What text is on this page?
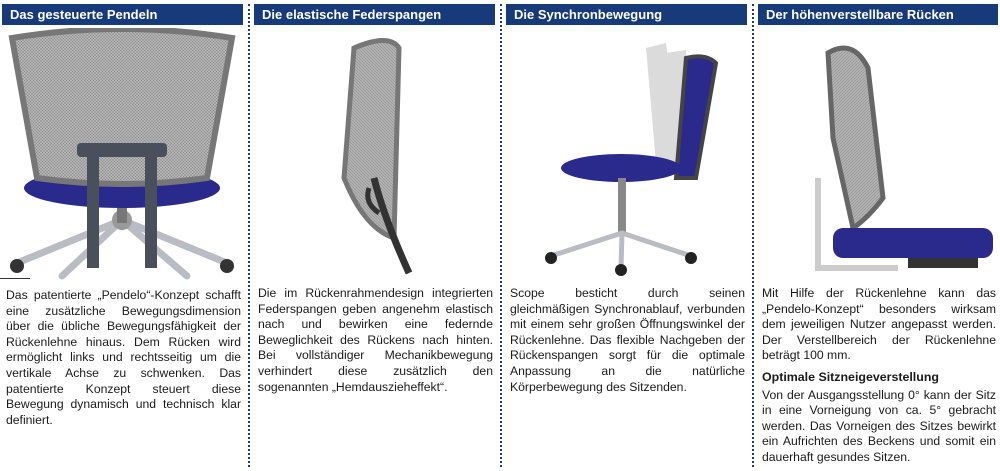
Das gesteuerte Pendeln
Das patentierte „Pendelo“-Konzept schafft eine zusätzliche Bewegungsdimension über die übliche Bewegungsfähigkeit der Rückenlehne hinaus. Dem Rücken wird ermöglicht links und rechtsseitig um die vertikale Achse zu schwenken. Das patentierte Konzept steuert diese Bewegung dynamisch und technisch klar definiert.
Die elastische Federspangen
Die im Rückenrahmendesign integrierten Federspangen geben angenehm elastisch nach und bewirken eine federnde Beweglichkeit des Rückens nach hinten. Bei vollständiger Mechanikbewegung verhindert diese zusätzlich den sogenannten „Hemdauszieheffekt“.
Die Synchronbewegung
Scope besticht durch seinen gleichmäßigen Synchronablauf, verbunden mit einem sehr großen Öffnungswinkel der Rückenlehne. Das flexible Nachgeben der Rückenspangen sorgt für die optimale Anpassung an die natürliche Körperbewegung des Sitzenden.
Der höhenverstellbare Rücken
Mit Hilfe der Rückenlehne kann das „Pendelo-Konzept“ besonders wirksam dem jeweiligen Nutzer angepasst werden. Der Verstellbereich der Rückenlehne beträgt 100 mm.
Optimale Sitzneigeverstellung
Von der Ausgangsstellung 0° kann der Sitz in eine Vorneigung von ca. 5° gebracht werden. Das Vorneigen des Sitzes bewirkt ein Aufrichten des Beckens und somit ein dauerhaft gesundes Sitzen.
